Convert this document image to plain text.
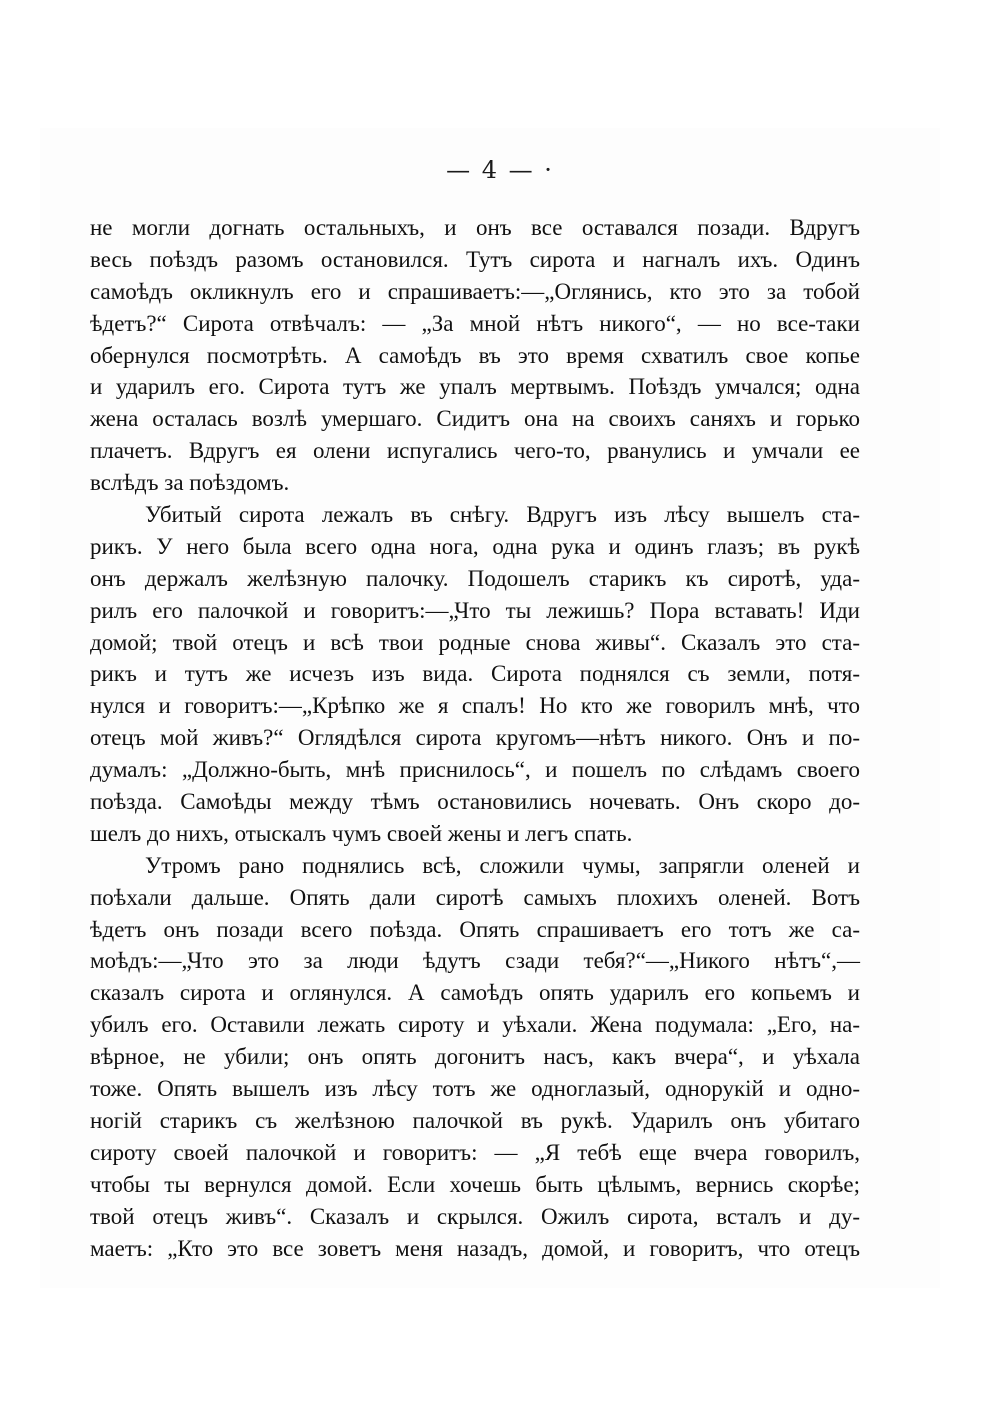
— 4 — ·

не могли догнать остальныхъ, и онъ все оставался позади. Вдругъ
весь поѣздъ разомъ остановился. Тутъ сирота и нагналъ ихъ. Одинъ
самоѣдъ окликнулъ его и спрашиваетъ:—„Оглянись, кто это за тобой
ѣдетъ?“ Сирота отвѣчалъ: — „За мной нѣтъ никого“, — но все-таки
обернулся посмотрѣть. А самоѣдъ въ это время схватилъ свое копье
и ударилъ его. Сирота тутъ же упалъ мертвымъ. Поѣздъ умчался; одна
жена осталась возлѣ умершаго. Сидитъ она на своихъ саняхъ и горько
плачетъ. Вдругъ ея олени испугались чего-то, рванулись и умчали ее
вслѣдъ за поѣздомъ.
Убитый сирота лежалъ въ снѣгу. Вдругъ изъ лѣсу вышелъ ста-
рикъ. У него была всего одна нога, одна рука и одинъ глазъ; въ рукѣ
онъ держалъ желѣзную палочку. Подошелъ старикъ къ сиротѣ, уда-
рилъ его палочкой и говоритъ:—„Что ты лежишь? Пора вставать! Иди
домой; твой отецъ и всѣ твои родные снова живы“. Сказалъ это ста-
рикъ и тутъ же исчезъ изъ вида. Сирота поднялся съ земли, потя-
нулся и говоритъ:—„Крѣпко же я спалъ! Но кто же говорилъ мнѣ, что
отецъ мой живъ?“ Оглядѣлся сирота кругомъ—нѣтъ никого. Онъ и по-
думалъ: „Должно-быть, мнѣ приснилось“, и пошелъ по слѣдамъ своего
поѣзда. Самоѣды между тѣмъ остановились ночевать. Онъ скоро до-
шелъ до нихъ, отыскалъ чумъ своей жены и легъ спать.
Утромъ рано поднялись всѣ, сложили чумы, запрягли оленей и
поѣхали дальше. Опять дали сиротѣ самыхъ плохихъ оленей. Вотъ
ѣдетъ онъ позади всего поѣзда. Опять спрашиваетъ его тотъ же са-
моѣдъ:—„Что это за люди ѣдутъ сзади тебя?“—„Никого нѣтъ“,—
сказалъ сирота и оглянулся. А самоѣдъ опять ударилъ его копьемъ и
убилъ его. Оставили лежать сироту и уѣхали. Жена подумала: „Его, на-
вѣрное, не убили; онъ опять догонитъ насъ, какъ вчера“, и уѣхала
тоже. Опять вышелъ изъ лѣсу тотъ же одноглазый, однорукій и одно-
ногій старикъ съ желѣзною палочкой въ рукѣ. Ударилъ онъ убитаго
сироту своей палочкой и говоритъ: — „Я тебѣ еще вчера говорилъ,
чтобы ты вернулся домой. Если хочешь быть цѣлымъ, вернись скорѣе;
твой отецъ живъ“. Сказалъ и скрылся. Ожилъ сирота, всталъ и ду-
маетъ: „Кто это все зоветъ меня назадъ, домой, и говоритъ, что отецъ
